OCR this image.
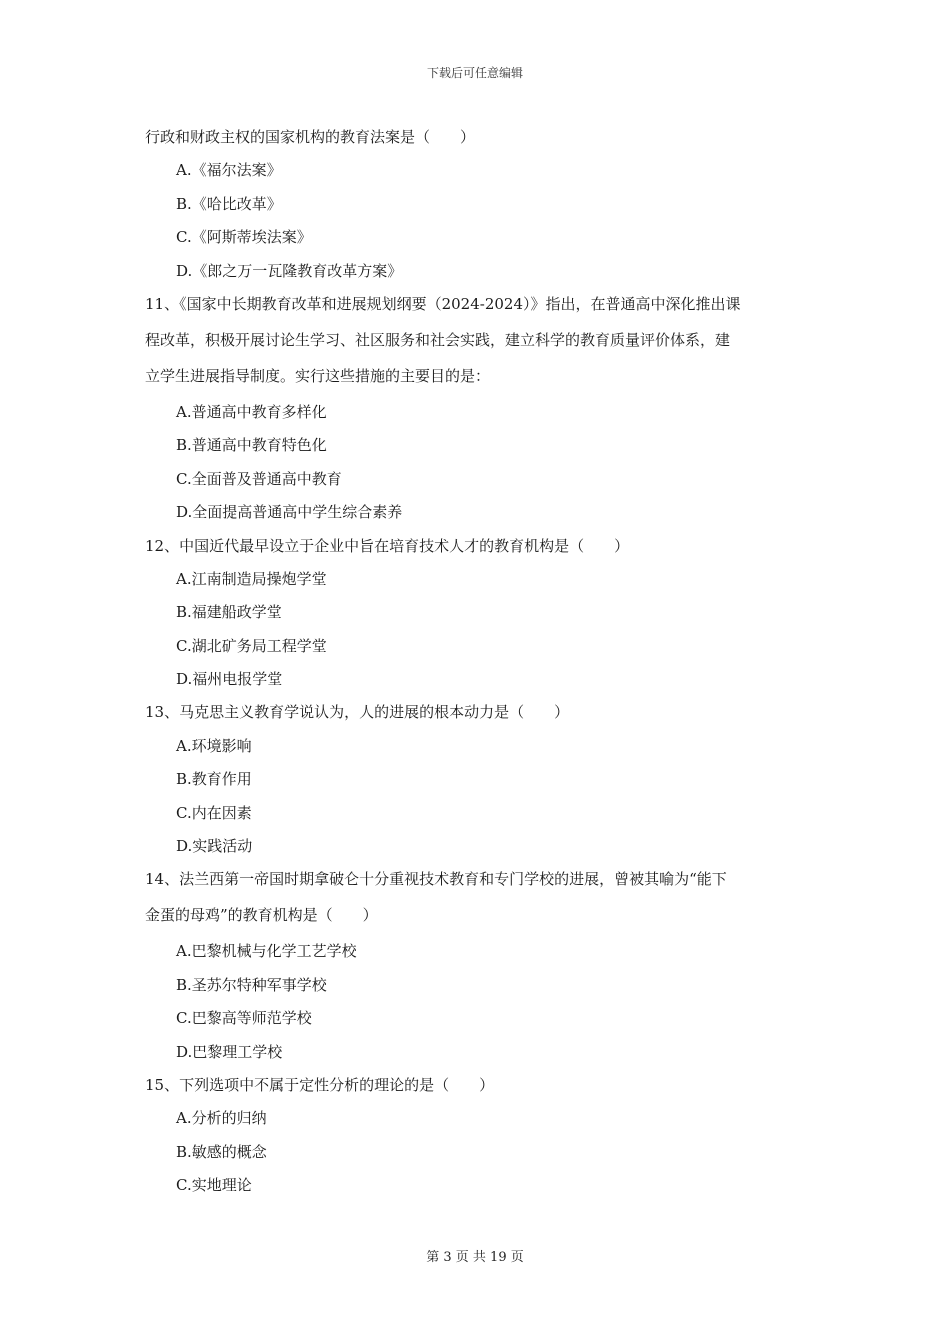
下载后可任意编辑
行政和财政主权的国家机构的教育法案是（　　）
A.《福尔法案》
B.《哈比改革》
C.《阿斯蒂埃法案》
D.《郎之万一瓦隆教育改革方案》
11、《国家中长期教育改革和进展规划纲要（2024-2024）》指出，在普通高中深化推出课
程改革，积极开展讨论生学习、社区服务和社会实践，建立科学的教育质量评价体系，建
立学生进展指导制度。实行这些措施的主要目的是：
A.普通高中教育多样化
B.普通高中教育特色化
C.全面普及普通高中教育
D.全面提高普通高中学生综合素养
12、中国近代最早设立于企业中旨在培育技术人才的教育机构是（　　）
A.江南制造局操炮学堂
B.福建船政学堂
C.湖北矿务局工程学堂
D.福州电报学堂
13、马克思主义教育学说认为，人的进展的根本动力是（　　）
A.环境影响
B.教育作用
C.内在因素
D.实践活动
14、法兰西第一帝国时期拿破仑十分重视技术教育和专门学校的进展，曾被其喻为“能下
金蛋的母鸡”的教育机构是（　　）
A.巴黎机械与化学工艺学校
B.圣苏尔特种军事学校
C.巴黎高等师范学校
D.巴黎理工学校
15、下列选项中不属于定性分析的理论的是（　　）
A.分析的归纳
B.敏感的概念
C.实地理论
第 3 页 共 19 页
